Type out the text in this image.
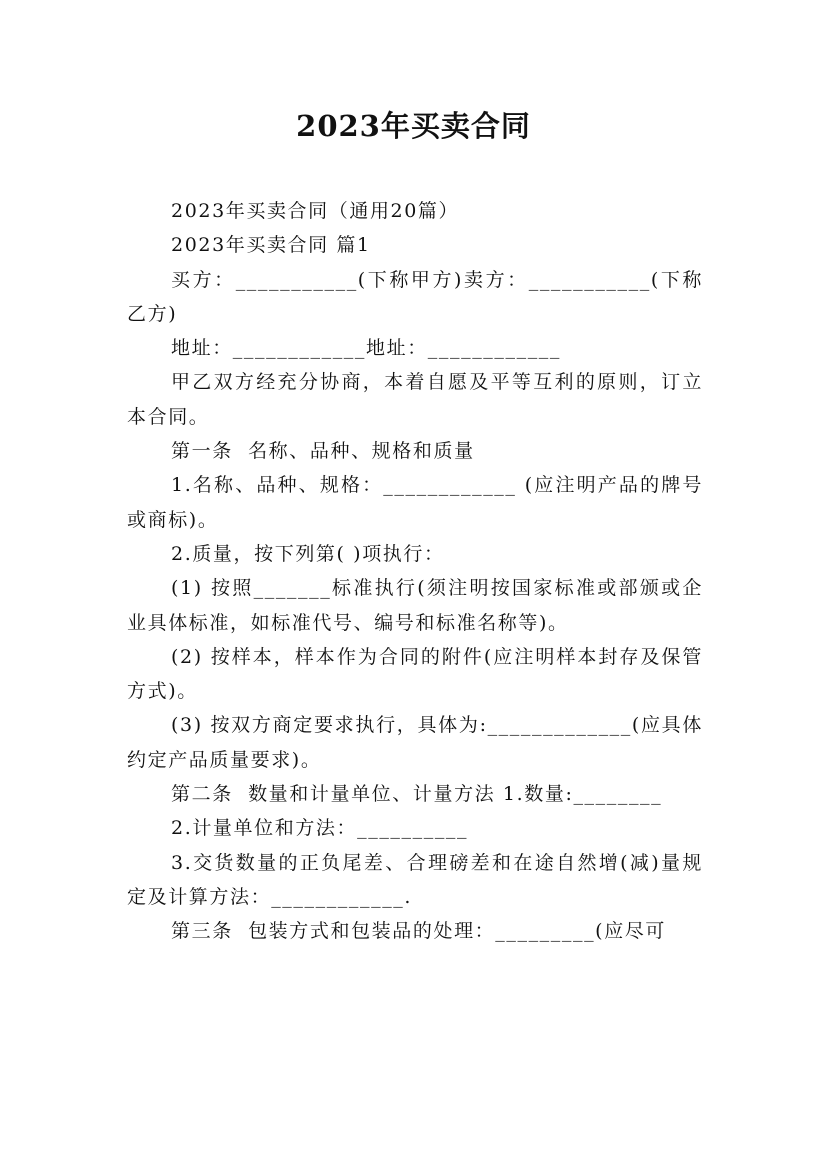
2023年买卖合同

2023年买卖合同（通用20篇）

2023年买卖合同 篇1

买方：___________(下称甲方)卖方：___________(下称乙方)

地址：____________地址：____________

甲乙双方经充分协商，本着自愿及平等互利的原则，订立本合同。

第一条  名称、品种、规格和质量

1.名称、品种、规格：____________ (应注明产品的牌号或商标)。

2.质量，按下列第( )项执行：

(1) 按照_______标准执行(须注明按国家标准或部颁或企业具体标准，如标准代号、编号和标准名称等)。

(2) 按样本，样本作为合同的附件(应注明样本封存及保管方式)。

(3) 按双方商定要求执行，具体为:_____________(应具体约定产品质量要求)。

第二条  数量和计量单位、计量方法 1.数量:________

2.计量单位和方法：__________

3.交货数量的正负尾差、合理磅差和在途自然增(减)量规定及计算方法：____________.

第三条  包装方式和包装品的处理：_________(应尽可
